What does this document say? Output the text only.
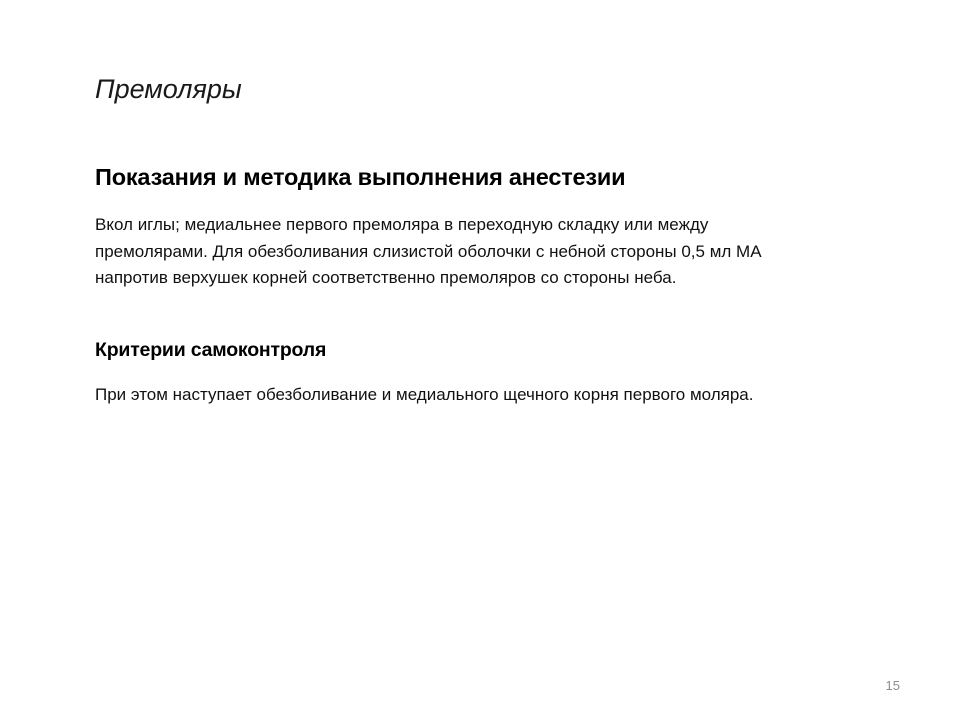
Премоляры
Показания и методика выполнения анестезии
Вкол иглы; медиальнее первого премоляра в переходную складку или между
премолярами. Для обезболивания слизистой оболочки с небной стороны 0,5 мл МА
напротив верхушек корней соответственно премоляров со стороны неба.
Критерии самоконтроля
При этом наступает обезболивание и медиального щечного корня первого моляра.
15
